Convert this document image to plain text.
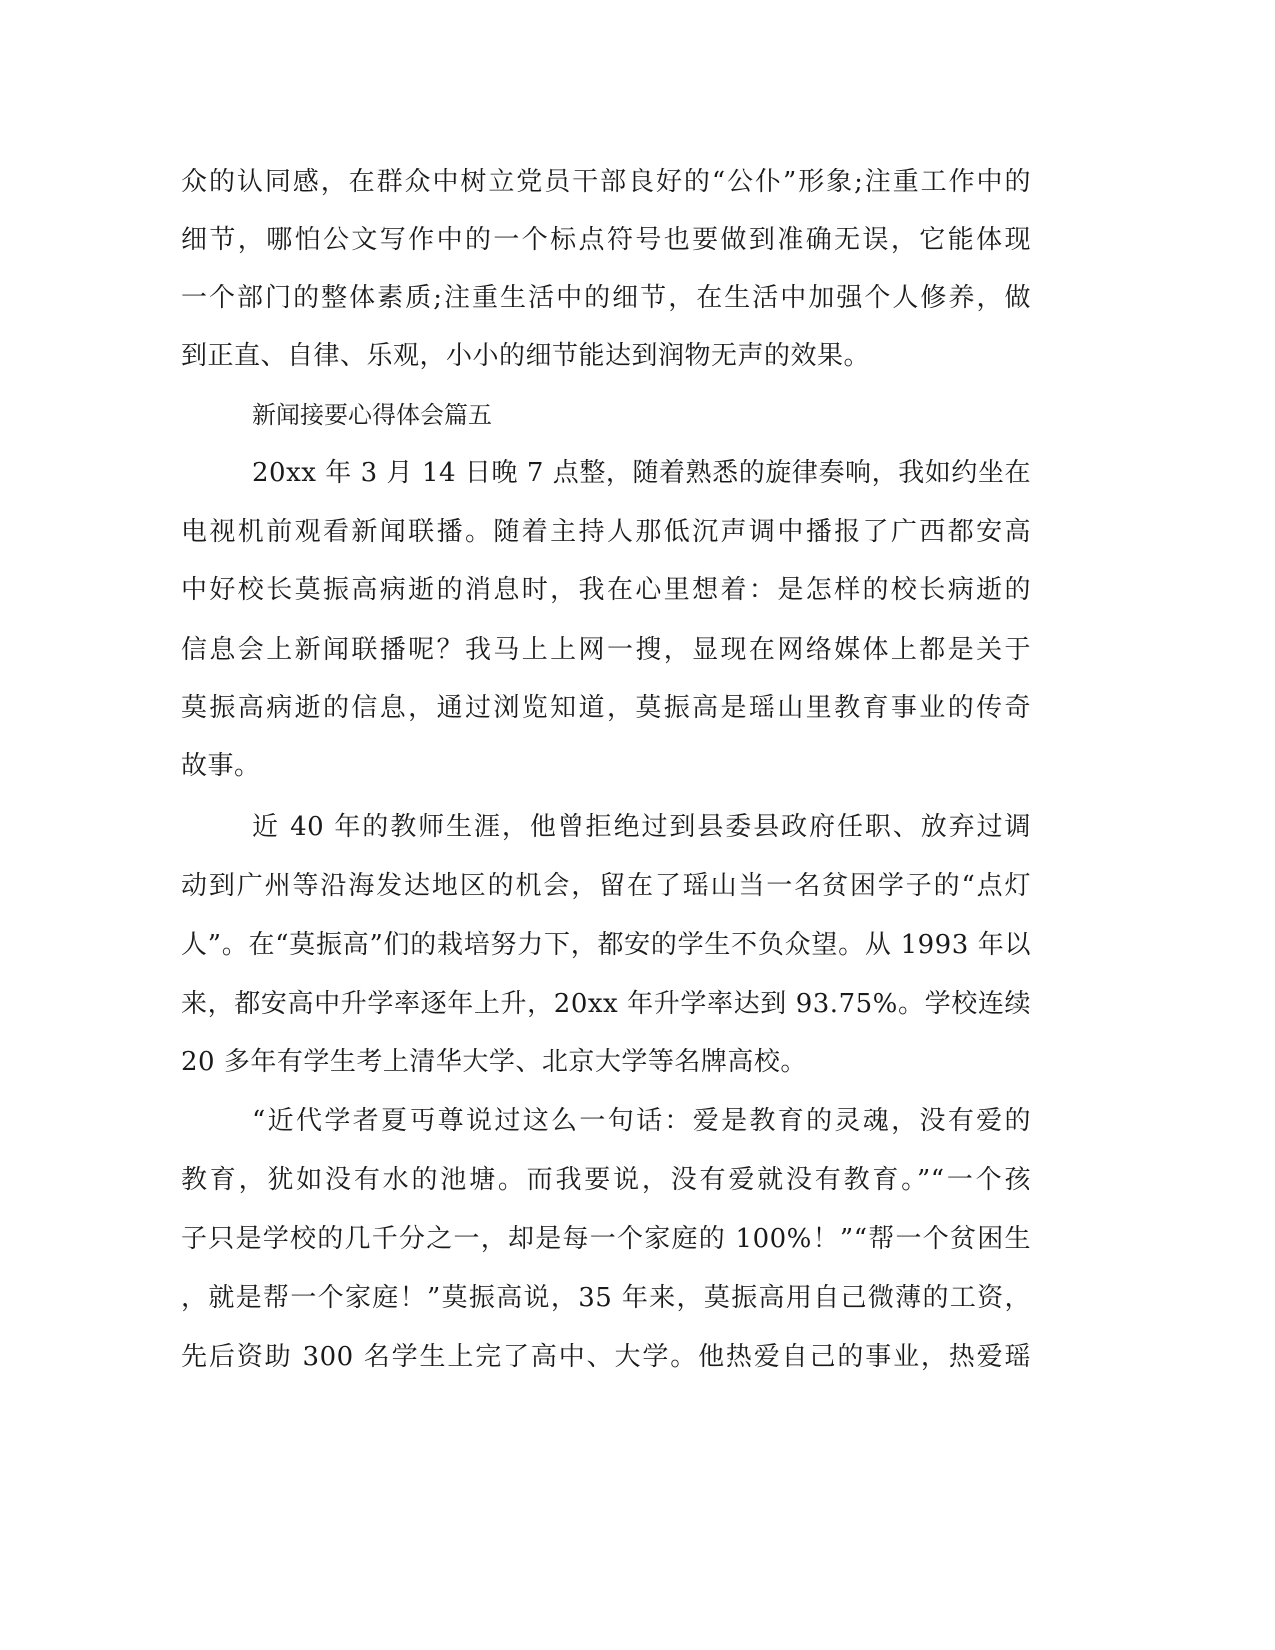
众的认同感，在群众中树立党员干部良好的“公仆”形象;注重工作中的
细节，哪怕公文写作中的一个标点符号也要做到准确无误，它能体现
一个部门的整体素质;注重生活中的细节，在生活中加强个人修养，做
到正直、自律、乐观，小小的细节能达到润物无声的效果。
新闻接要心得体会篇五
20xx 年 3 月 14 日晚 7 点整，随着熟悉的旋律奏响，我如约坐在
电视机前观看新闻联播。随着主持人那低沉声调中播报了广西都安高
中好校长莫振高病逝的消息时，我在心里想着：是怎样的校长病逝的
信息会上新闻联播呢？我马上上网一搜，显现在网络媒体上都是关于
莫振高病逝的信息，通过浏览知道，莫振高是瑶山里教育事业的传奇
故事。
近 40 年的教师生涯，他曾拒绝过到县委县政府任职、放弃过调
动到广州等沿海发达地区的机会，留在了瑶山当一名贫困学子的“点灯
人”。在“莫振高”们的栽培努力下，都安的学生不负众望。从 1993 年以
来，都安高中升学率逐年上升，20xx 年升学率达到 93.75%。学校连续
20 多年有学生考上清华大学、北京大学等名牌高校。
“近代学者夏丏尊说过这么一句话：爱是教育的灵魂，没有爱的
教育，犹如没有水的池塘。而我要说，没有爱就没有教育。”“一个孩
子只是学校的几千分之一，却是每一个家庭的 100%！”“帮一个贫困生
，就是帮一个家庭！”莫振高说，35 年来，莫振高用自己微薄的工资，
先后资助 300 名学生上完了高中、大学。他热爱自己的事业，热爱瑶
